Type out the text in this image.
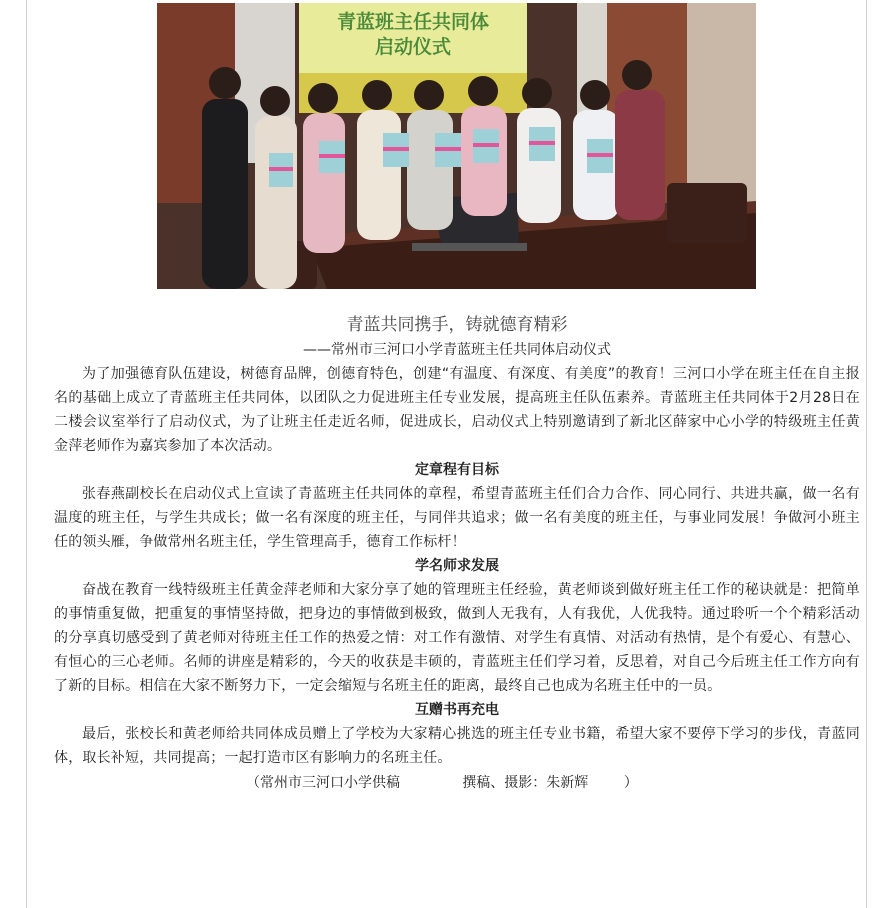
青蓝班主任共同体
启动仪式

青蓝共同携手，铸就德育精彩

——常州市三河口小学青蓝班主任共同体启动仪式

为了加强德育队伍建设，树德育品牌，创德育特色，创建“有温度、有深度、有美度”的教育！三河口小学在班主任在自主报名的基础上成立了青蓝班主任共同体，以团队之力促进班主任专业发展，提高班主任队伍素养。青蓝班主任共同体于2月28日在二楼会议室举行了启动仪式，为了让班主任走近名师，促进成长，启动仪式上特别邀请到了新北区薛家中心小学的特级班主任黄金萍老师作为嘉宾参加了本次活动。

定章程有目标

张春燕副校长在启动仪式上宣读了青蓝班主任共同体的章程，希望青蓝班主任们合力合作、同心同行、共进共赢，做一名有温度的班主任，与学生共成长；做一名有深度的班主任，与同伴共追求；做一名有美度的班主任，与事业同发展！争做河小班主任的领头雁，争做常州名班主任，学生管理高手，德育工作标杆！

学名师求发展

奋战在教育一线特级班主任黄金萍老师和大家分享了她的管理班主任经验，黄老师谈到做好班主任工作的秘诀就是：把简单的事情重复做，把重复的事情坚持做，把身边的事情做到极致，做到人无我有，人有我优，人优我特。通过聆听一个个精彩活动的分享真切感受到了黄老师对待班主任工作的热爱之情：对工作有激情、对学生有真情、对活动有热情，是个有爱心、有慧心、有恒心的三心老师。名师的讲座是精彩的，今天的收获是丰硕的，青蓝班主任们学习着，反思着，对自己今后班主任工作方向有了新的目标。相信在大家不断努力下，一定会缩短与名班主任的距离，最终自己也成为名班主任中的一员。

互赠书再充电

最后，张校长和黄老师给共同体成员赠上了学校为大家精心挑选的班主任专业书籍，希望大家不要停下学习的步伐，青蓝同体，取长补短，共同提高；一起打造市区有影响力的名班主任。

（常州市三河口小学供稿              撰稿、摄影：朱新辉        ）
